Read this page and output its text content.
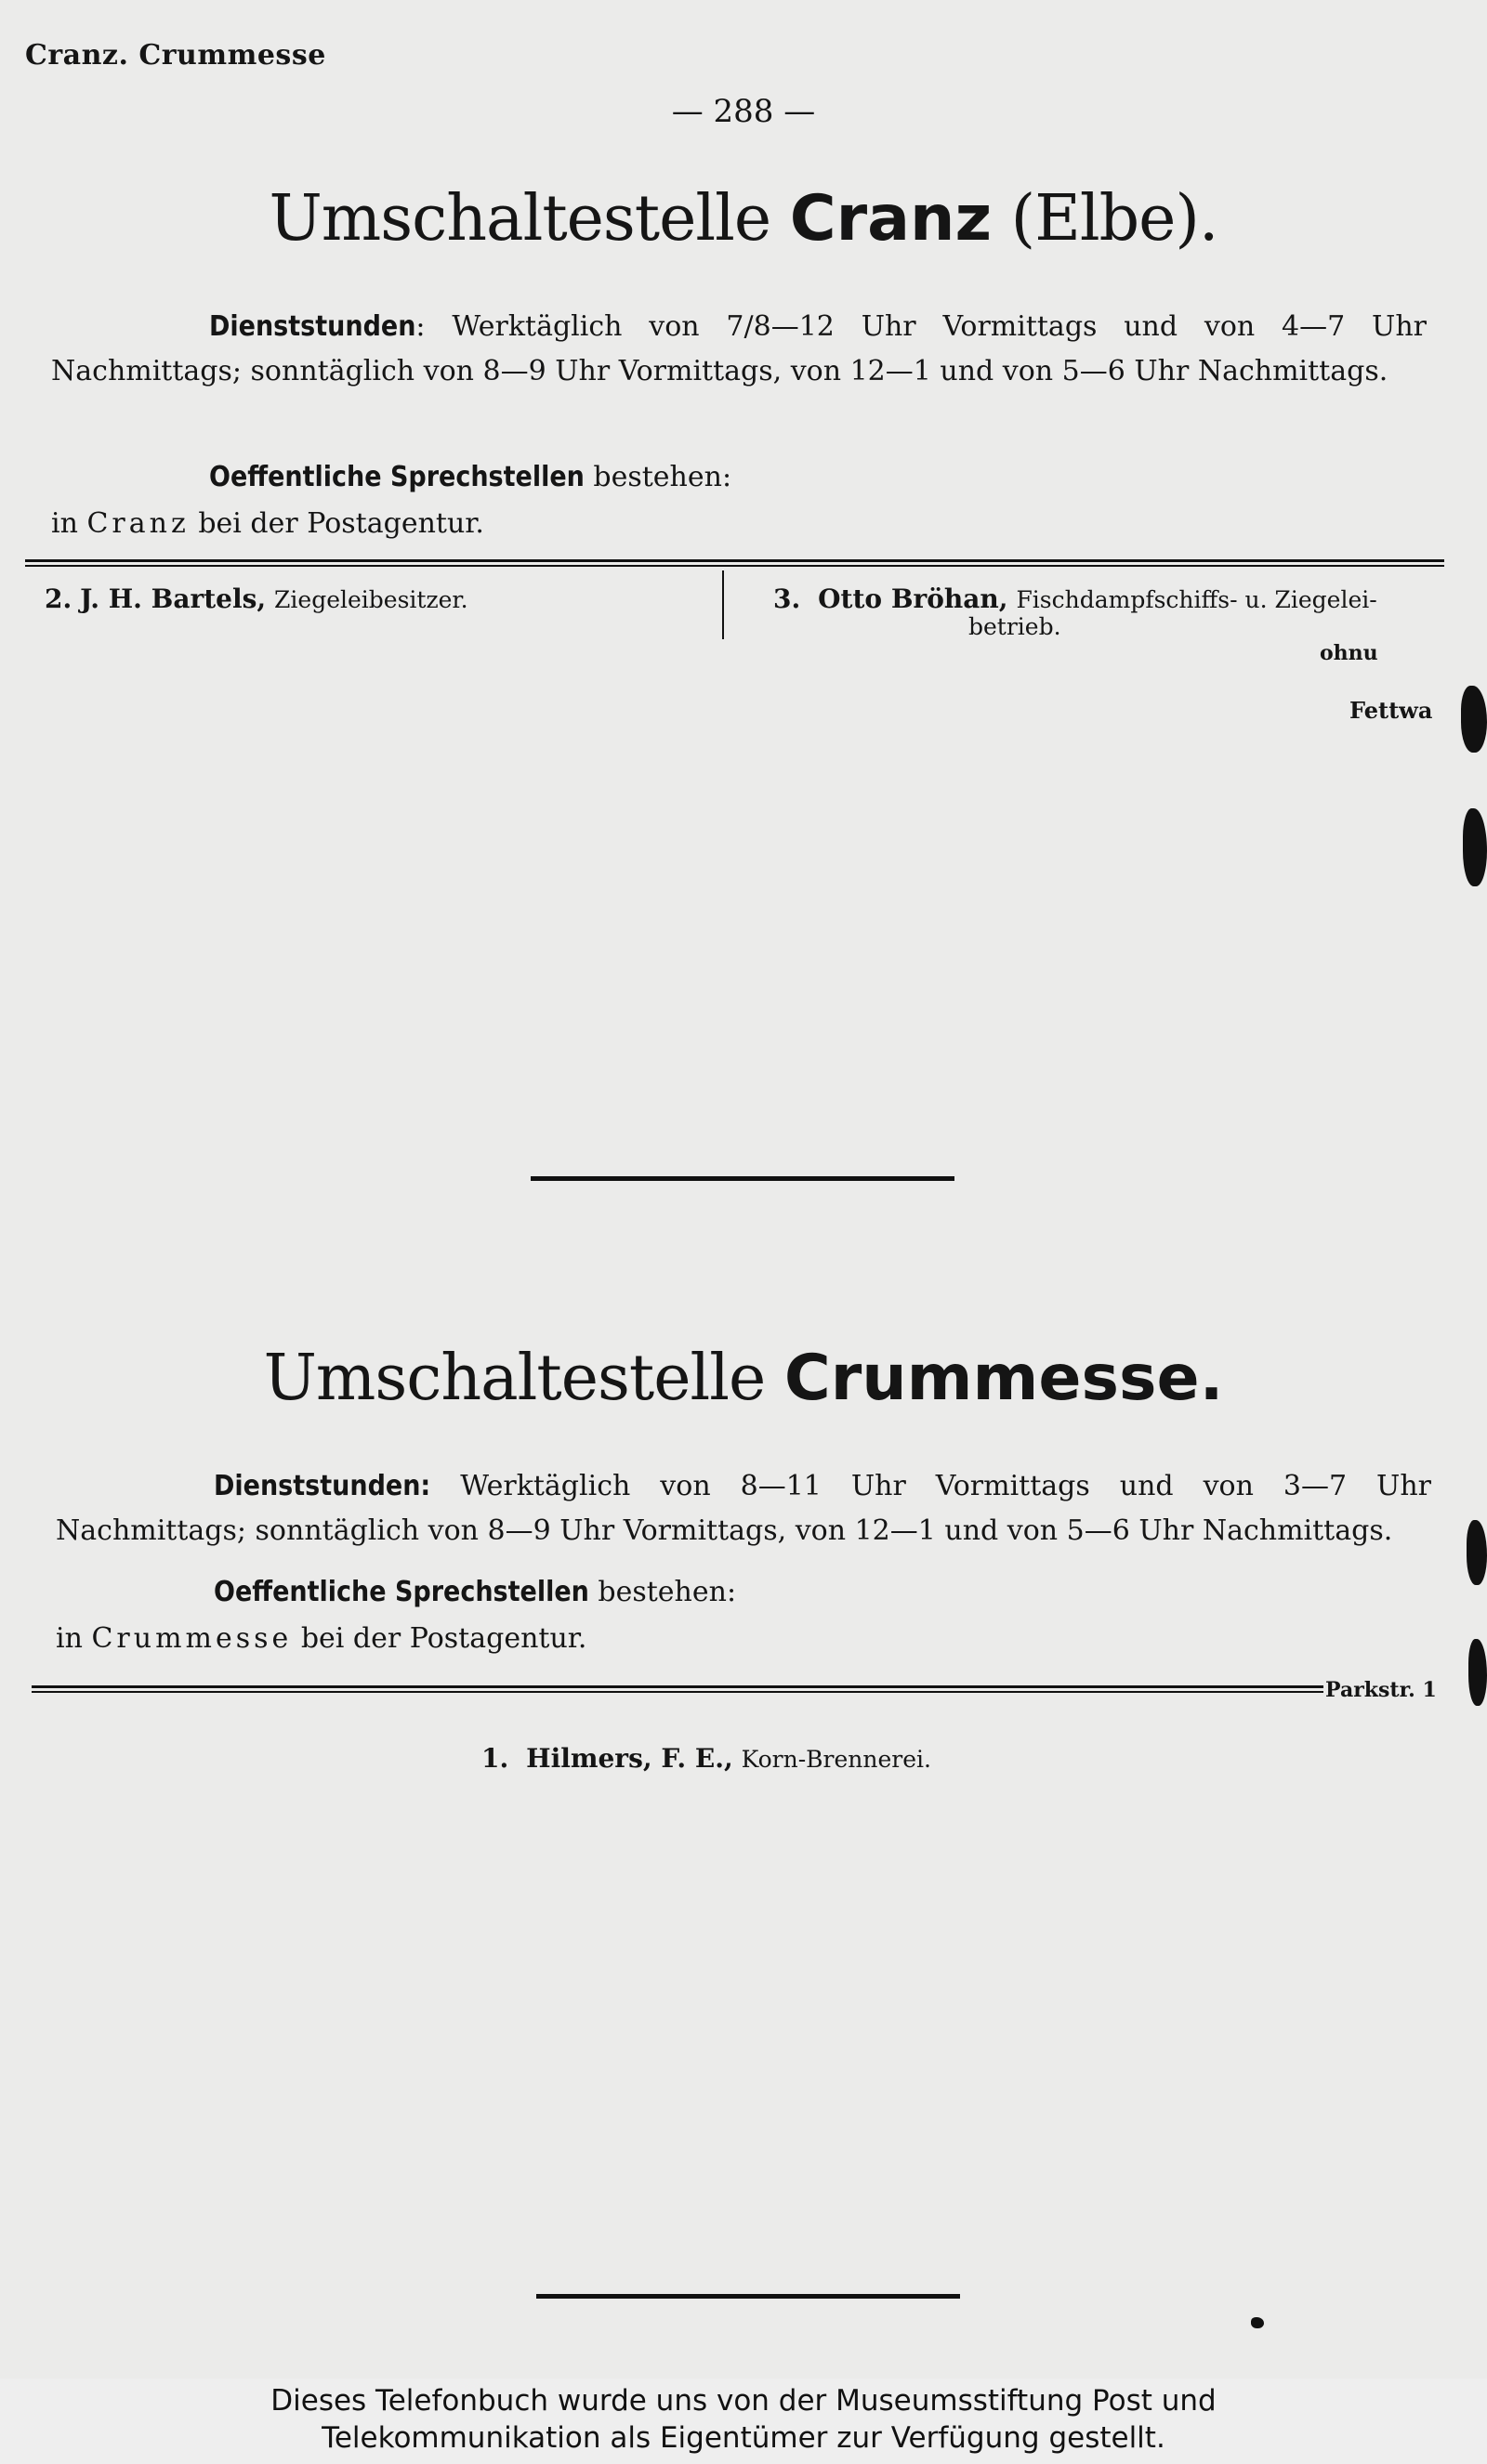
Cranz. Crummesse
— 288 —
Umschaltestelle Cranz (Elbe).
Dienststunden: Werktäglich von 7/8—12 Uhr Vormittags und von 4—7 Uhr Nachmittags; sonntäglich von 8—9 Uhr Vormittags, von 12—1 und von 5—6 Uhr Nachmittags.
Oeffentliche Sprechstellen bestehen:
in Cranz bei der Postagentur.
2. J. H. Bartels, Ziegeleibesitzer.	3. Otto Bröhan, Fischdampfschiffs- u. Ziegelei-
betrieb.
ohnu
Fettwa
Umschaltestelle Crummesse.
Dienststunden: Werktäglich von 8—11 Uhr Vormittags und von 3—7 Uhr Nachmittags; sonntäglich von 8—9 Uhr Vormittags, von 12—1 und von 5—6 Uhr Nachmittags.
Oeffentliche Sprechstellen bestehen:
in Crummesse bei der Postagentur.
Parkstr. 1
1. Hilmers, F. E., Korn-Brennerei.
Dieses Telefonbuch wurde uns von der Museumsstiftung Post und
Telekommunikation als Eigentümer zur Verfügung gestellt.
